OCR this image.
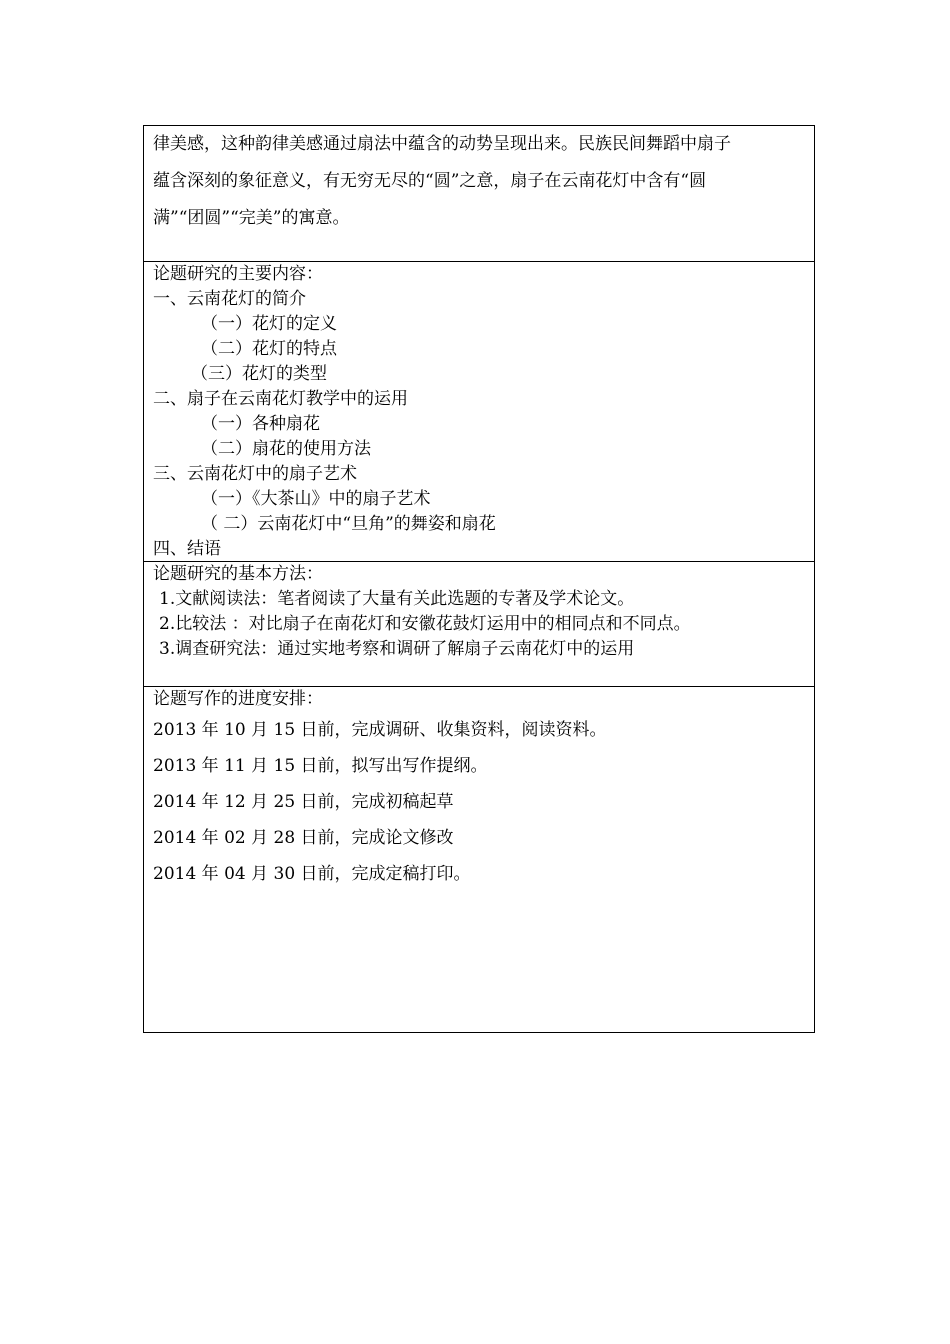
律美感，这种韵律美感通过扇法中蕴含的动势呈现出来。民族民间舞蹈中扇子
蕴含深刻的象征意义，有无穷无尽的“圆”之意，扇子在云南花灯中含有“圆
满”“团圆”“完美”的寓意。
论题研究的主要内容：
一、云南花灯的简介
（一）花灯的定义
（二）花灯的特点
（三）花灯的类型
二、扇子在云南花灯教学中的运用
（一）各种扇花
（二）扇花的使用方法
三、云南花灯中的扇子艺术
（一）《大茶山》中的扇子艺术
（ 二）云南花灯中“旦角”的舞姿和扇花
四、结语
论题研究的基本方法：
1.文献阅读法：笔者阅读了大量有关此选题的专著及学术论文。
2.比较法 ：对比扇子在南花灯和安徽花鼓灯运用中的相同点和不同点。
3.调查研究法：通过实地考察和调研了解扇子云南花灯中的运用
论题写作的进度安排：
2013 年 10 月 15 日前，完成调研、收集资料，阅读资料。
2013 年 11 月 15 日前，拟写出写作提纲。
2014 年 12 月 25 日前，完成初稿起草
2014 年 02 月 28 日前，完成论文修改
2014 年 04 月 30 日前，完成定稿打印。
